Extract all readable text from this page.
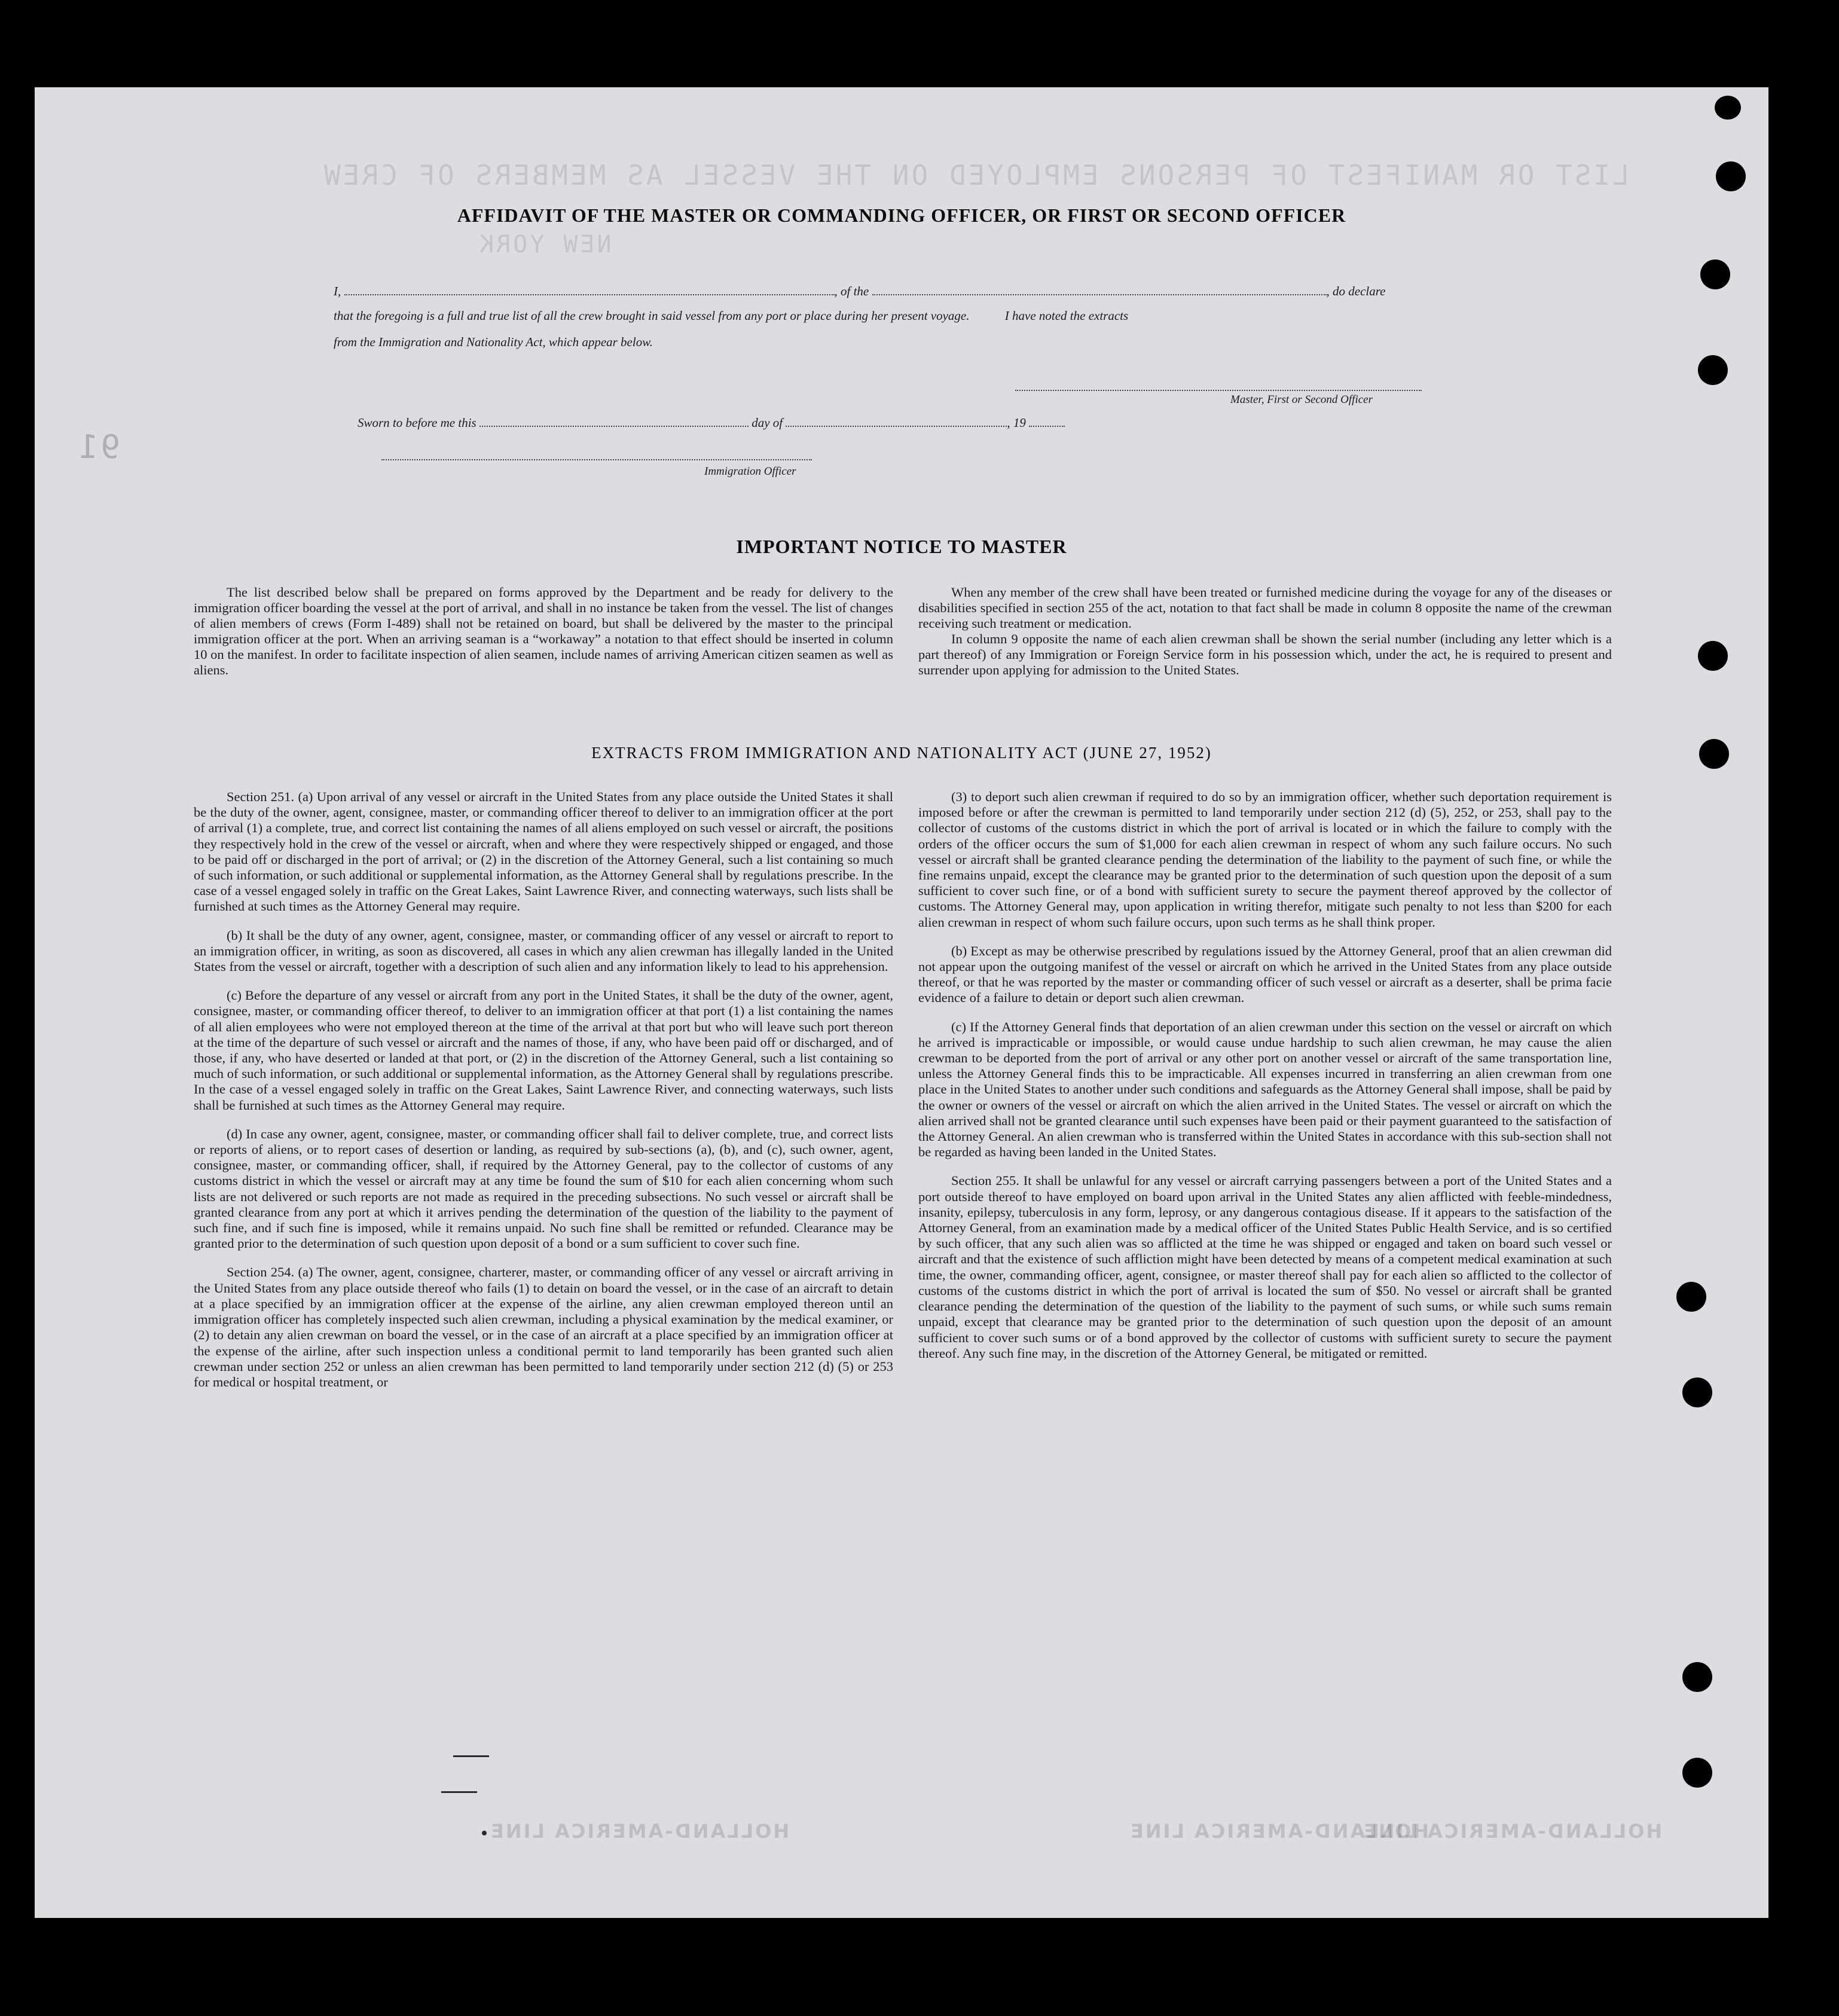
LIST OR MANIFEST OF PERSONS EMPLOYED ON THE VESSEL AS MEMBERS OF CREW
NEW YORK
91
HOLLAND-AMERICA LINE	HOLLAND-AMERICA LINE
HOLLAND-AMERICA LINE
AFFIDAVIT OF THE MASTER OR COMMANDING OFFICER, OR FIRST OR SECOND OFFICER
I,	, of the	, do declare
that the foregoing is a full and true list of all the crew brought in said vessel from any port or place during her present voyage.	I have noted the extracts
from the Immigration and Nationality Act, which appear below.
Master, First or Second Officer
Sworn to before me this	day of	, 19
Immigration Officer
IMPORTANT NOTICE TO MASTER

The list described below shall be prepared on forms approved by the Department and be ready for delivery to the immigration officer boarding the vessel at the port of arrival, and shall in no instance be taken from the vessel. The list of changes of alien members of crews (Form I-489) shall not be retained on board, but shall be delivered by the master to the principal immigration officer at the port. When an arriving seaman is a “workaway” a notation to that effect should be inserted in column 10 on the manifest. In order to facilitate inspection of alien seamen, include names of arriving American citizen seamen as well as aliens.

When any member of the crew shall have been treated or furnished medicine during the voyage for any of the diseases or disabilities specified in section 255 of the act, notation to that fact shall be made in column 8 opposite the name of the crewman receiving such treatment or medication.

In column 9 opposite the name of each alien crewman shall be shown the serial number (including any letter which is a part thereof) of any Immigration or Foreign Service form in his possession which, under the act, he is required to present and surrender upon applying for admission to the United States.

EXTRACTS FROM IMMIGRATION AND NATIONALITY ACT (JUNE 27, 1952)

Section 251. (a) Upon arrival of any vessel or aircraft in the United States from any place outside the United States it shall be the duty of the owner, agent, consignee, master, or commanding officer thereof to deliver to an immigration officer at the port of arrival (1) a complete, true, and correct list containing the names of all aliens employed on such vessel or aircraft, the positions they respectively hold in the crew of the vessel or aircraft, when and where they were respectively shipped or engaged, and those to be paid off or discharged in the port of arrival; or (2) in the discretion of the Attorney General, such a list containing so much of such information, or such additional or supplemental information, as the Attorney General shall by regulations prescribe. In the case of a vessel engaged solely in traffic on the Great Lakes, Saint Lawrence River, and connecting waterways, such lists shall be furnished at such times as the Attorney General may require.

(b) It shall be the duty of any owner, agent, consignee, master, or commanding officer of any vessel or aircraft to report to an immigration officer, in writing, as soon as discovered, all cases in which any alien crewman has illegally landed in the United States from the vessel or aircraft, together with a description of such alien and any information likely to lead to his apprehension.

(c) Before the departure of any vessel or aircraft from any port in the United States, it shall be the duty of the owner, agent, consignee, master, or commanding officer thereof, to deliver to an immigration officer at that port (1) a list containing the names of all alien employees who were not employed thereon at the time of the arrival at that port but who will leave such port thereon at the time of the departure of such vessel or aircraft and the names of those, if any, who have been paid off or discharged, and of those, if any, who have deserted or landed at that port, or (2) in the discretion of the Attorney General, such a list containing so much of such information, or such additional or supplemental information, as the Attorney General shall by regulations prescribe. In the case of a vessel engaged solely in traffic on the Great Lakes, Saint Lawrence River, and connecting waterways, such lists shall be furnished at such times as the Attorney General may require.

(d) In case any owner, agent, consignee, master, or commanding officer shall fail to deliver complete, true, and correct lists or reports of aliens, or to report cases of desertion or landing, as required by sub-sections (a), (b), and (c), such owner, agent, consignee, master, or commanding officer, shall, if required by the Attorney General, pay to the collector of customs of any customs district in which the vessel or aircraft may at any time be found the sum of $10 for each alien concerning whom such lists are not delivered or such reports are not made as required in the preceding subsections. No such vessel or aircraft shall be granted clearance from any port at which it arrives pending the determination of the question of the liability to the payment of such fine, and if such fine is imposed, while it remains unpaid. No such fine shall be remitted or refunded. Clearance may be granted prior to the determination of such question upon deposit of a bond or a sum sufficient to cover such fine.

Section 254. (a) The owner, agent, consignee, charterer, master, or commanding officer of any vessel or aircraft arriving in the United States from any place outside thereof who fails (1) to detain on board the vessel, or in the case of an aircraft to detain at a place specified by an immigration officer at the expense of the airline, any alien crewman employed thereon until an immigration officer has completely inspected such alien crewman, including a physical examination by the medical examiner, or (2) to detain any alien crewman on board the vessel, or in the case of an aircraft at a place specified by an immigration officer at the expense of the airline, after such inspection unless a conditional permit to land temporarily has been granted such alien crewman under section 252 or unless an alien crewman has been permitted to land temporarily under section 212 (d) (5) or 253 for medical or hospital treatment, or

(3) to deport such alien crewman if required to do so by an immigration officer, whether such deportation requirement is imposed before or after the crewman is permitted to land temporarily under section 212 (d) (5), 252, or 253, shall pay to the collector of customs of the customs district in which the port of arrival is located or in which the failure to comply with the orders of the officer occurs the sum of $1,000 for each alien crewman in respect of whom any such failure occurs. No such vessel or aircraft shall be granted clearance pending the determination of the liability to the payment of such fine, or while the fine remains unpaid, except the clearance may be granted prior to the determination of such question upon the deposit of a sum sufficient to cover such fine, or of a bond with sufficient surety to secure the payment thereof approved by the collector of customs. The Attorney General may, upon application in writing therefor, mitigate such penalty to not less than $200 for each alien crewman in respect of whom such failure occurs, upon such terms as he shall think proper.

(b) Except as may be otherwise prescribed by regulations issued by the Attorney General, proof that an alien crewman did not appear upon the outgoing manifest of the vessel or aircraft on which he arrived in the United States from any place outside thereof, or that he was reported by the master or commanding officer of such vessel or aircraft as a deserter, shall be prima facie evidence of a failure to detain or deport such alien crewman.

(c) If the Attorney General finds that deportation of an alien crewman under this section on the vessel or aircraft on which he arrived is impracticable or impossible, or would cause undue hardship to such alien crewman, he may cause the alien crewman to be deported from the port of arrival or any other port on another vessel or aircraft of the same transportation line, unless the Attorney General finds this to be impracticable. All expenses incurred in transferring an alien crewman from one place in the United States to another under such conditions and safeguards as the Attorney General shall impose, shall be paid by the owner or owners of the vessel or aircraft on which the alien arrived in the United States. The vessel or aircraft on which the alien arrived shall not be granted clearance until such expenses have been paid or their payment guaranteed to the satisfaction of the Attorney General. An alien crewman who is transferred within the United States in accordance with this sub-section shall not be regarded as having been landed in the United States.

Section 255. It shall be unlawful for any vessel or aircraft carrying passengers between a port of the United States and a port outside thereof to have employed on board upon arrival in the United States any alien afflicted with feeble-mindedness, insanity, epilepsy, tuberculosis in any form, leprosy, or any dangerous contagious disease. If it appears to the satisfaction of the Attorney General, from an examination made by a medical officer of the United States Public Health Service, and is so certified by such officer, that any such alien was so afflicted at the time he was shipped or engaged and taken on board such vessel or aircraft and that the existence of such affliction might have been detected by means of a competent medical examination at such time, the owner, commanding officer, agent, consignee, or master thereof shall pay for each alien so afflicted to the collector of customs of the customs district in which the port of arrival is located the sum of $50. No vessel or aircraft shall be granted clearance pending the determination of the question of the liability to the payment of such sums, or while such sums remain unpaid, except that clearance may be granted prior to the determination of such question upon the deposit of an amount sufficient to cover such sums or of a bond approved by the collector of customs with sufficient surety to secure the payment thereof. Any such fine may, in the discretion of the Attorney General, be mitigated or remitted.
